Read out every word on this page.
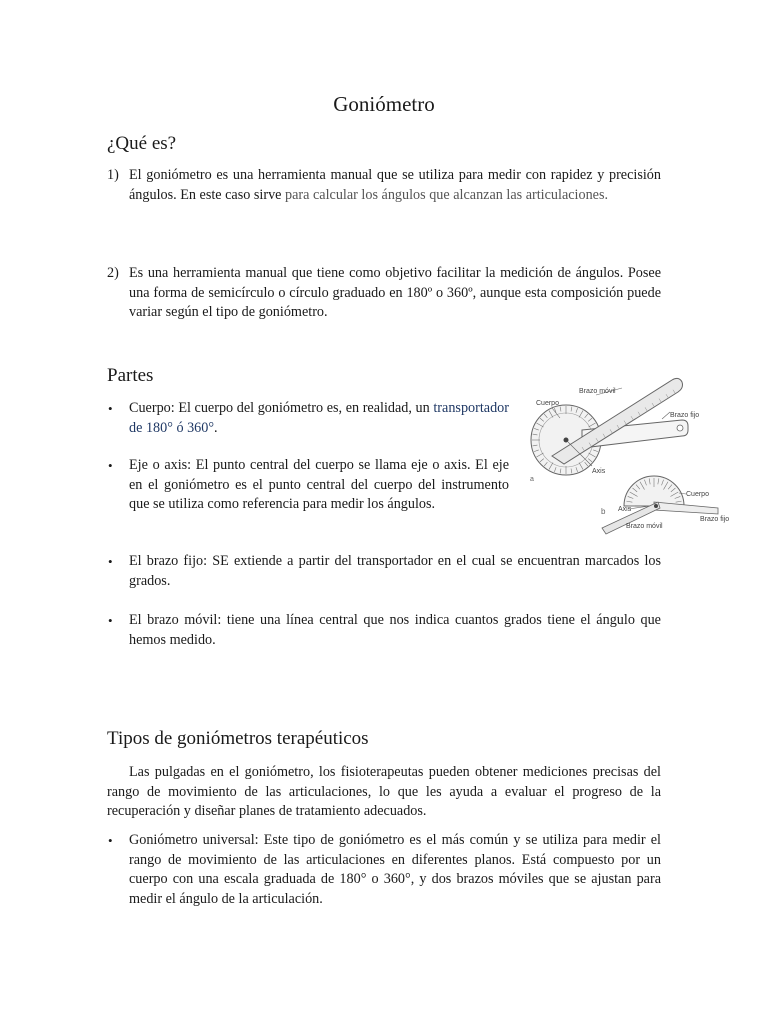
Goniómetro
¿Qué es?
1) El goniómetro es una herramienta manual que se utiliza para medir con rapidez y precisión ángulos. En este caso sirve para calcular los ángulos que alcanzan las articulaciones.
2) Es una herramienta manual que tiene como objetivo facilitar la medición de ángulos. Posee una forma de semicírculo o círculo graduado en 180º o 360º, aunque esta composición puede variar según el tipo de goniómetro.
Partes
• Cuerpo: El cuerpo del goniómetro es, en realidad, un transportador de 180° ó 360°.
• Eje o axis: El punto central del cuerpo se llama eje o axis. El eje en el goniómetro es el punto central del cuerpo del instrumento que se utiliza como referencia para medir los ángulos.
• El brazo fijo: SE extiende a partir del transportador en el cual se encuentran marcados los grados.
• El brazo móvil: tiene una línea central que nos indica cuantos grados tiene el ángulo que hemos medido.
Brazo móvil
Cuerpo
Brazo fijo
Axis
a
Cuerpo
Axis
Brazo fijo
Brazo móvil
b
Tipos de goniómetros terapéuticos
Las pulgadas en el goniómetro, los fisioterapeutas pueden obtener mediciones precisas del rango de movimiento de las articulaciones, lo que les ayuda a evaluar el progreso de la recuperación y diseñar planes de tratamiento adecuados.
• Goniómetro universal: Este tipo de goniómetro es el más común y se utiliza para medir el rango de movimiento de las articulaciones en diferentes planos. Está compuesto por un cuerpo con una escala graduada de 180° o 360°, y dos brazos móviles que se ajustan para medir el ángulo de la articulación.
